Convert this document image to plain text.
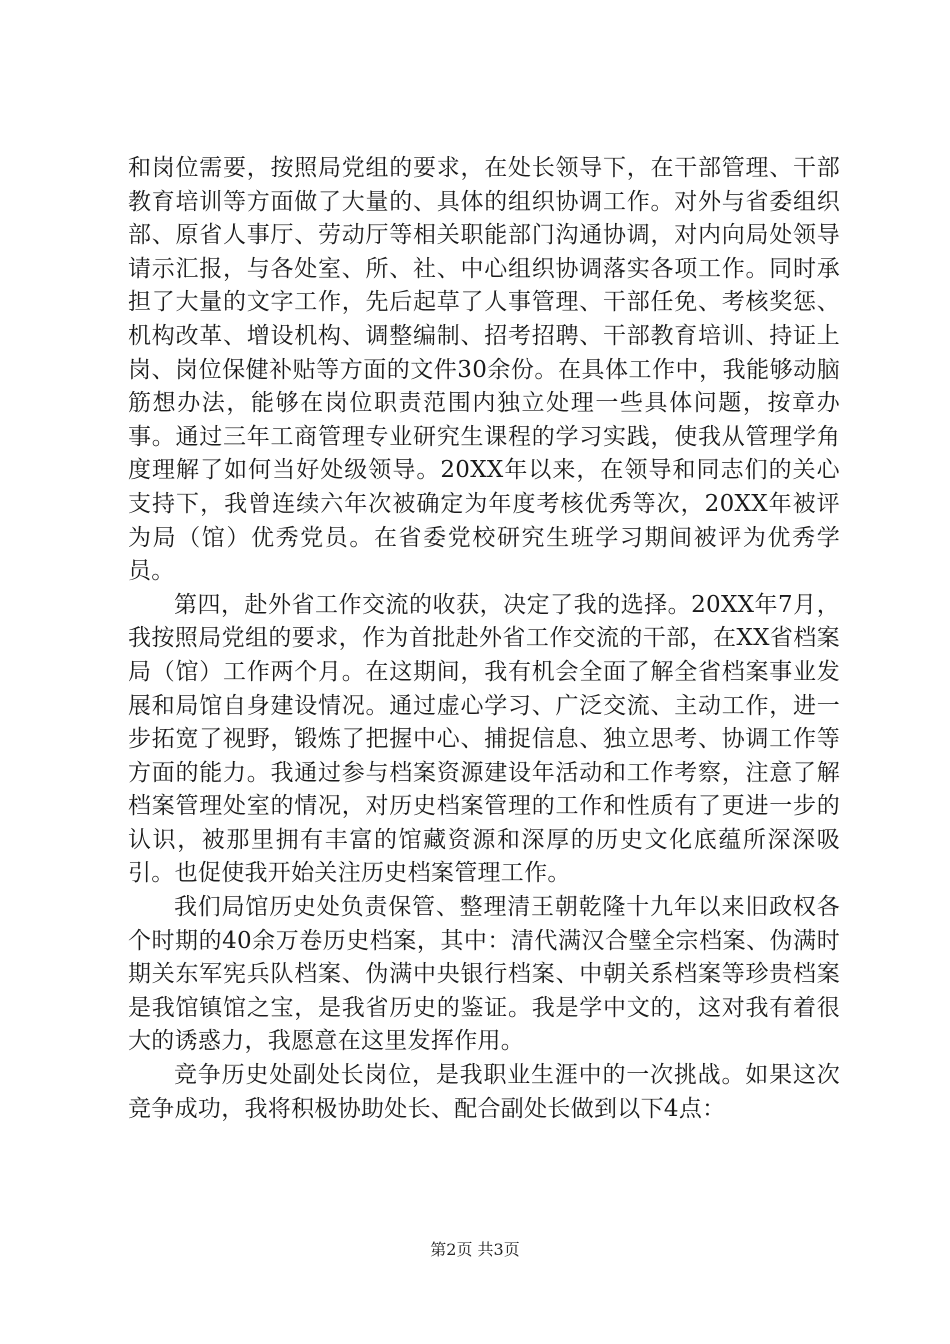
和岗位需要，按照局党组的要求，在处长领导下，在干部管理、干部教育培训等方面做了大量的、具体的组织协调工作。对外与省委组织部、原省人事厅、劳动厅等相关职能部门沟通协调，对内向局处领导请示汇报，与各处室、所、社、中心组织协调落实各项工作。同时承担了大量的文字工作，先后起草了人事管理、干部任免、考核奖惩、机构改革、增设机构、调整编制、招考招聘、干部教育培训、持证上岗、岗位保健补贴等方面的文件30余份。在具体工作中，我能够动脑筋想办法，能够在岗位职责范围内独立处理一些具体问题，按章办事。通过三年工商管理专业研究生课程的学习实践，使我从管理学角度理解了如何当好处级领导。20XX年以来，在领导和同志们的关心支持下，我曾连续六年次被确定为年度考核优秀等次，20XX年被评为局（馆）优秀党员。在省委党校研究生班学习期间被评为优秀学员。

第四，赴外省工作交流的收获，决定了我的选择。20XX年7月，我按照局党组的要求，作为首批赴外省工作交流的干部，在XX省档案局（馆）工作两个月。在这期间，我有机会全面了解全省档案事业发展和局馆自身建设情况。通过虚心学习、广泛交流、主动工作，进一步拓宽了视野，锻炼了把握中心、捕捉信息、独立思考、协调工作等方面的能力。我通过参与档案资源建设年活动和工作考察，注意了解档案管理处室的情况，对历史档案管理的工作和性质有了更进一步的认识，被那里拥有丰富的馆藏资源和深厚的历史文化底蕴所深深吸引。也促使我开始关注历史档案管理工作。

我们局馆历史处负责保管、整理清王朝乾隆十九年以来旧政权各个时期的40余万卷历史档案，其中：清代满汉合璧全宗档案、伪满时期关东军宪兵队档案、伪满中央银行档案、中朝关系档案等珍贵档案是我馆镇馆之宝，是我省历史的鉴证。我是学中文的，这对我有着很大的诱惑力，我愿意在这里发挥作用。

竞争历史处副处长岗位，是我职业生涯中的一次挑战。如果这次竞争成功，我将积极协助处长、配合副处长做到以下4点：

第2页 共3页
